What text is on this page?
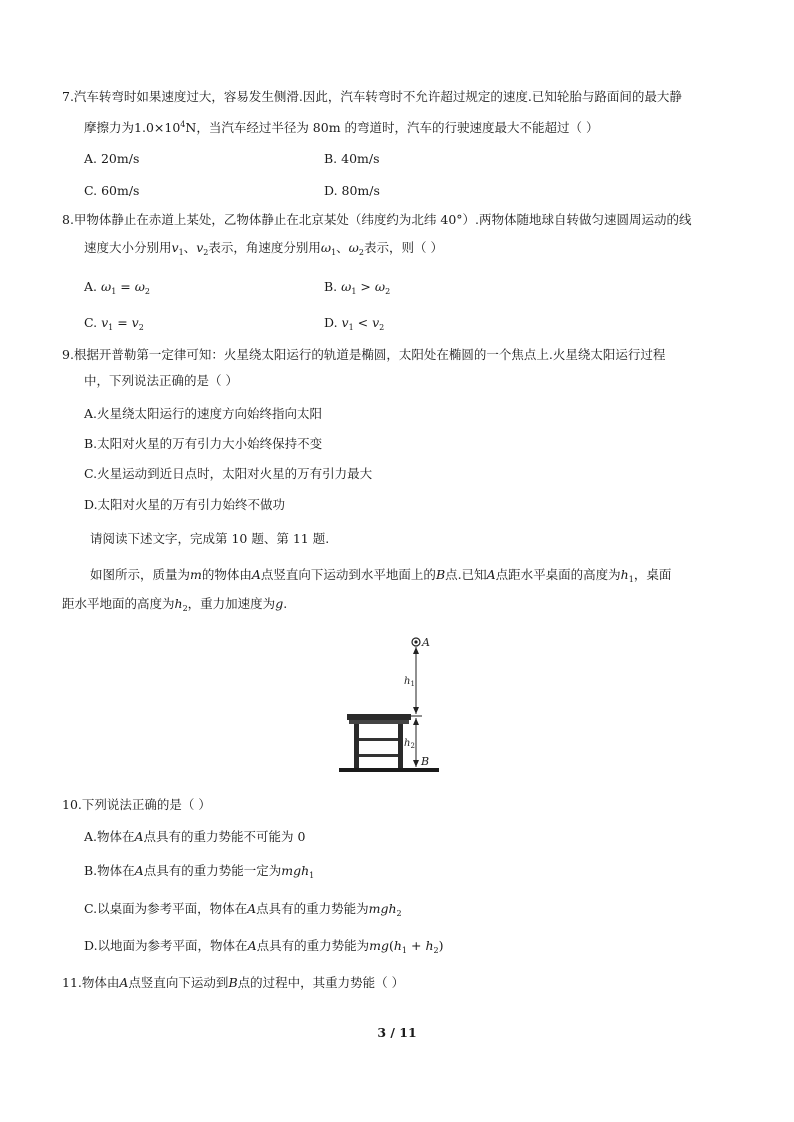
7.汽车转弯时如果速度过大，容易发生侧滑.因此，汽车转弯时不允许超过规定的速度.已知轮胎与路面间的最大静
摩擦力为$1.0\times 10^4N$，当汽车经过半径为 80m 的弯道时，汽车的行驶速度最大不能超过（ ）
A. 20m/s	B. 40m/s
C. 60m/s	D. 80m/s
8.甲物体静止在赤道上某处，乙物体静止在北京某处（纬度约为北纬 40°）.两物体随地球自转做匀速圆周运动的线
速度大小分别用$v_1$、$v_2$表示，角速度分别用$\omega_1$、$\omega_2$表示，则（ ）
A. $\omega_1 = \omega_2$	B. $\omega_1 > \omega_2$
C. $v_1 = v_2$	D. $v_1 < v_2$
9.根据开普勒第一定律可知：火星绕太阳运行的轨道是椭圆，太阳处在椭圆的一个焦点上.火星绕太阳运行过程
中，下列说法正确的是（ ）
A.火星绕太阳运行的速度方向始终指向太阳
B.太阳对火星的万有引力大小始终保持不变
C.火星运动到近日点时，太阳对火星的万有引力最大
D.太阳对火星的万有引力始终不做功
请阅读下述文字，完成第 10 题、第 11 题.
如图所示，质量为m的物体由A点竖直向下运动到水平地面上的B点.已知A点距水平桌面的高度为$h_1$，桌面
距水平地面的高度为$h_2$，重力加速度为g.
A
B
$h_1$
$h_2$
10.下列说法正确的是（ ）
A.物体在A点具有的重力势能不可能为 0
B.物体在A点具有的重力势能一定为mgh$_1$
C.以桌面为参考平面，物体在A点具有的重力势能为mgh$_2$
D.以地面为参考平面，物体在A点具有的重力势能为$mg(h_1 + h_2)$
11.物体由A点竖直向下运动到B点的过程中，其重力势能（ ）
3 / 11
